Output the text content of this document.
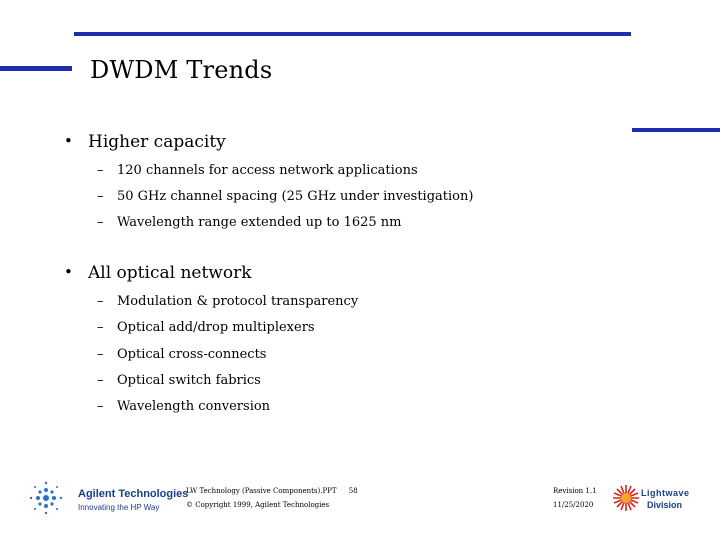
DWDM Trends
• Higher capacity
– 120 channels for access network applications
– 50 GHz channel spacing (25 GHz under investigation)
– Wavelength range extended up to 1625 nm
• All optical network
– Modulation & protocol transparency
– Optical add/drop multiplexers
– Optical cross-connects
– Optical switch fabrics
– Wavelength conversion
Agilent Technologies
Innovating the HP Way
LW Technology (Passive Components).PPT 58
© Copyright 1999, Agilent Technologies
Revision 1.1
11/25/2020
Lightwave
Division
